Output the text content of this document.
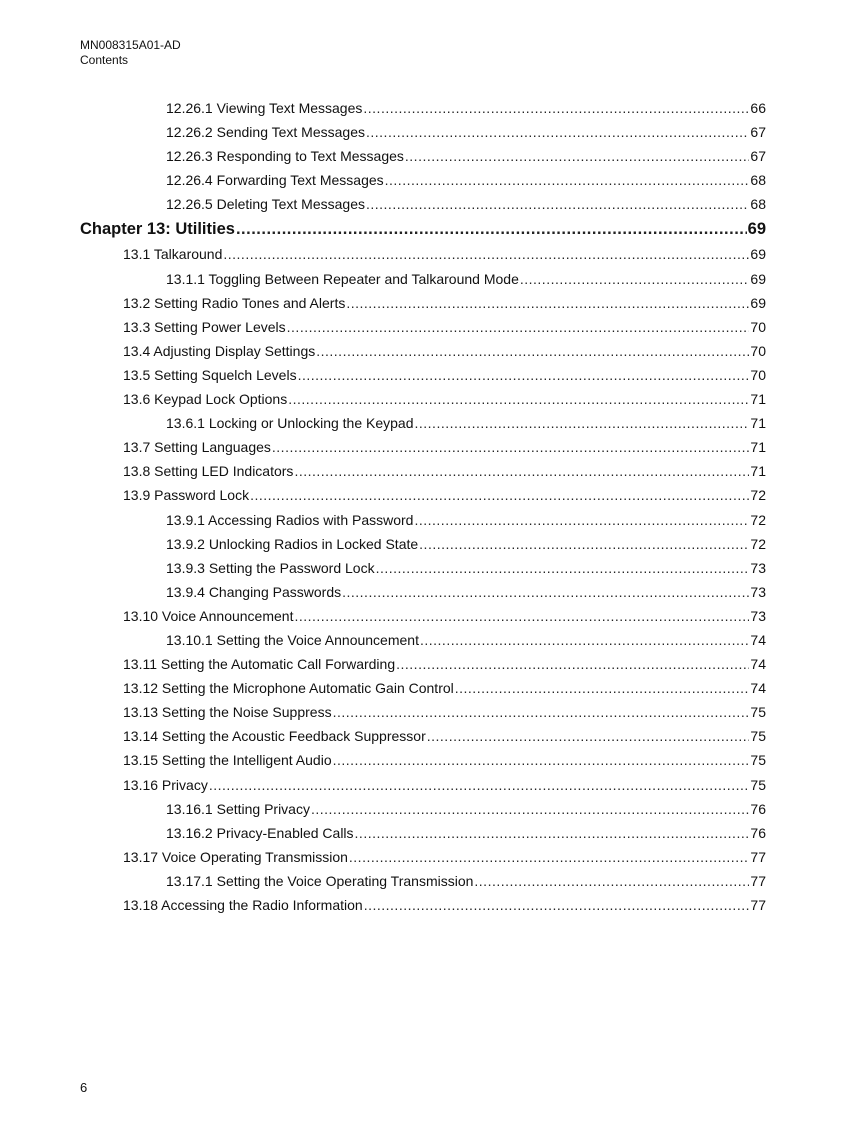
MN008315A01-AD
Contents
12.26.1 Viewing Text Messages .....	66
12.26.2 Sending Text Messages .....	67
12.26.3 Responding to Text Messages .....	67
12.26.4 Forwarding Text Messages .....	68
12.26.5 Deleting Text Messages .....	68
Chapter 13: Utilities .....	69
13.1 Talkaround .....	69
13.1.1 Toggling Between Repeater and Talkaround Mode .....	69
13.2 Setting Radio Tones and Alerts .....	69
13.3 Setting Power Levels .....	70
13.4 Adjusting Display Settings .....	70
13.5 Setting Squelch Levels .....	70
13.6 Keypad Lock Options .....	71
13.6.1 Locking or Unlocking the Keypad .....	71
13.7 Setting Languages .....	71
13.8 Setting LED Indicators .....	71
13.9 Password Lock .....	72
13.9.1 Accessing Radios with Password .....	72
13.9.2 Unlocking Radios in Locked State .....	72
13.9.3 Setting the Password Lock .....	73
13.9.4 Changing Passwords .....	73
13.10 Voice Announcement .....	73
13.10.1 Setting the Voice Announcement .....	74
13.11 Setting the Automatic Call Forwarding .....	74
13.12 Setting the Microphone Automatic Gain Control .....	74
13.13 Setting the Noise Suppress .....	75
13.14 Setting the Acoustic Feedback Suppressor .....	75
13.15 Setting the Intelligent Audio .....	75
13.16 Privacy .....	75
13.16.1 Setting Privacy .....	76
13.16.2 Privacy-Enabled Calls .....	76
13.17 Voice Operating Transmission .....	77
13.17.1 Setting the Voice Operating Transmission .....	77
13.18 Accessing the Radio Information .....	77
6
